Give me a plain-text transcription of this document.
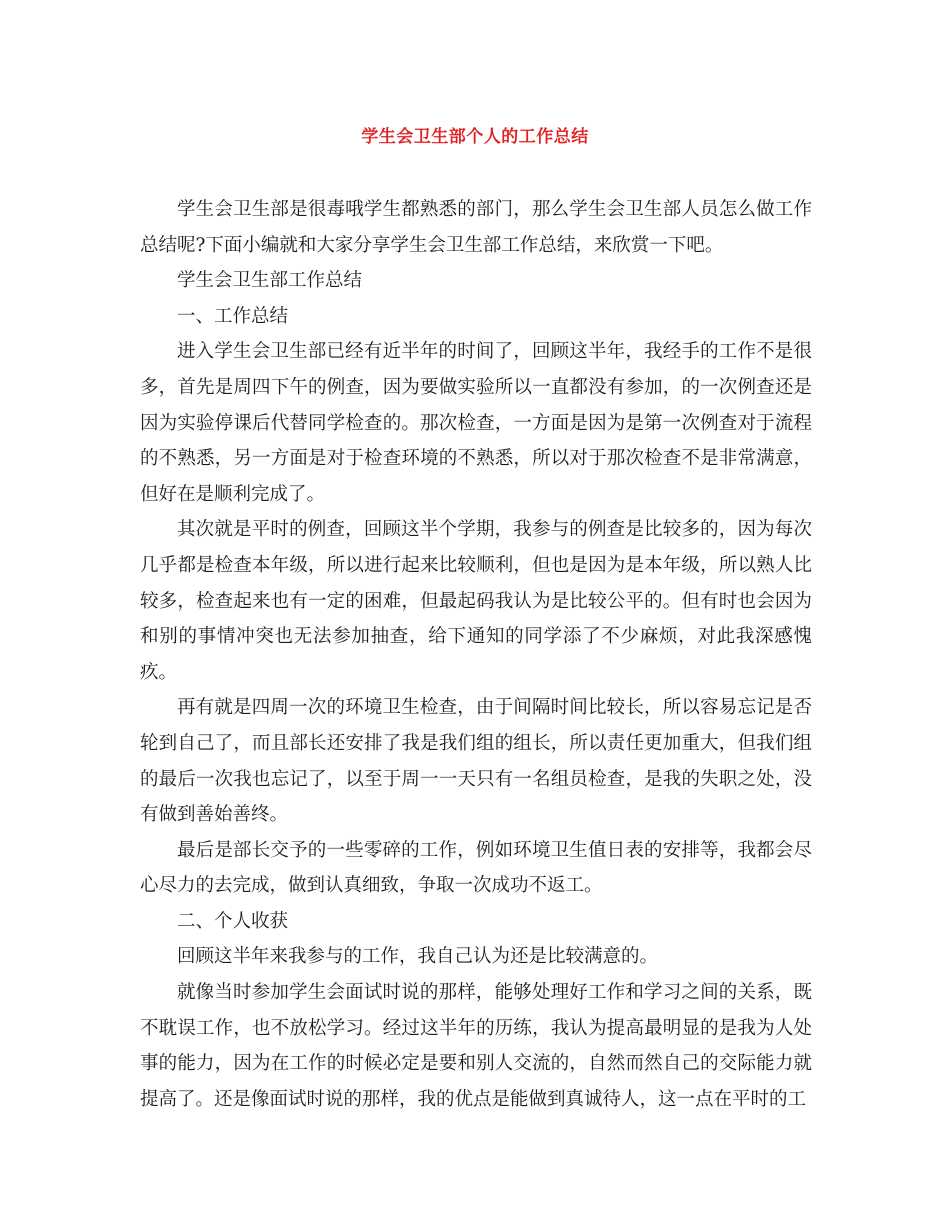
学生会卫生部个人的工作总结

学生会卫生部是很毒哦学生都熟悉的部门，那么学生会卫生部人员怎么做工作总结呢?下面小编就和大家分享学生会卫生部工作总结，来欣赏一下吧。

学生会卫生部工作总结

一、工作总结

进入学生会卫生部已经有近半年的时间了，回顾这半年，我经手的工作不是很多，首先是周四下午的例查，因为要做实验所以一直都没有参加，的一次例查还是因为实验停课后代替同学检查的。那次检查，一方面是因为是第一次例查对于流程的不熟悉，另一方面是对于检查环境的不熟悉，所以对于那次检查不是非常满意，但好在是顺利完成了。

其次就是平时的例查，回顾这半个学期，我参与的例查是比较多的，因为每次几乎都是检查本年级，所以进行起来比较顺利，但也是因为是本年级，所以熟人比较多，检查起来也有一定的困难，但最起码我认为是比较公平的。但有时也会因为和别的事情冲突也无法参加抽查，给下通知的同学添了不少麻烦，对此我深感愧疚。

再有就是四周一次的环境卫生检查，由于间隔时间比较长，所以容易忘记是否轮到自己了，而且部长还安排了我是我们组的组长，所以责任更加重大，但我们组的最后一次我也忘记了，以至于周一一天只有一名组员检查，是我的失职之处，没有做到善始善终。

最后是部长交予的一些零碎的工作，例如环境卫生值日表的安排等，我都会尽心尽力的去完成，做到认真细致，争取一次成功不返工。

二、个人收获

回顾这半年来我参与的工作，我自己认为还是比较满意的。

就像当时参加学生会面试时说的那样，能够处理好工作和学习之间的关系，既不耽误工作，也不放松学习。经过这半年的历练，我认为提高最明显的是我为人处事的能力，因为在工作的时候必定是要和别人交流的，自然而然自己的交际能力就提高了。还是像面试时说的那样，我的优点是能做到真诚待人，这一点在平时的工
